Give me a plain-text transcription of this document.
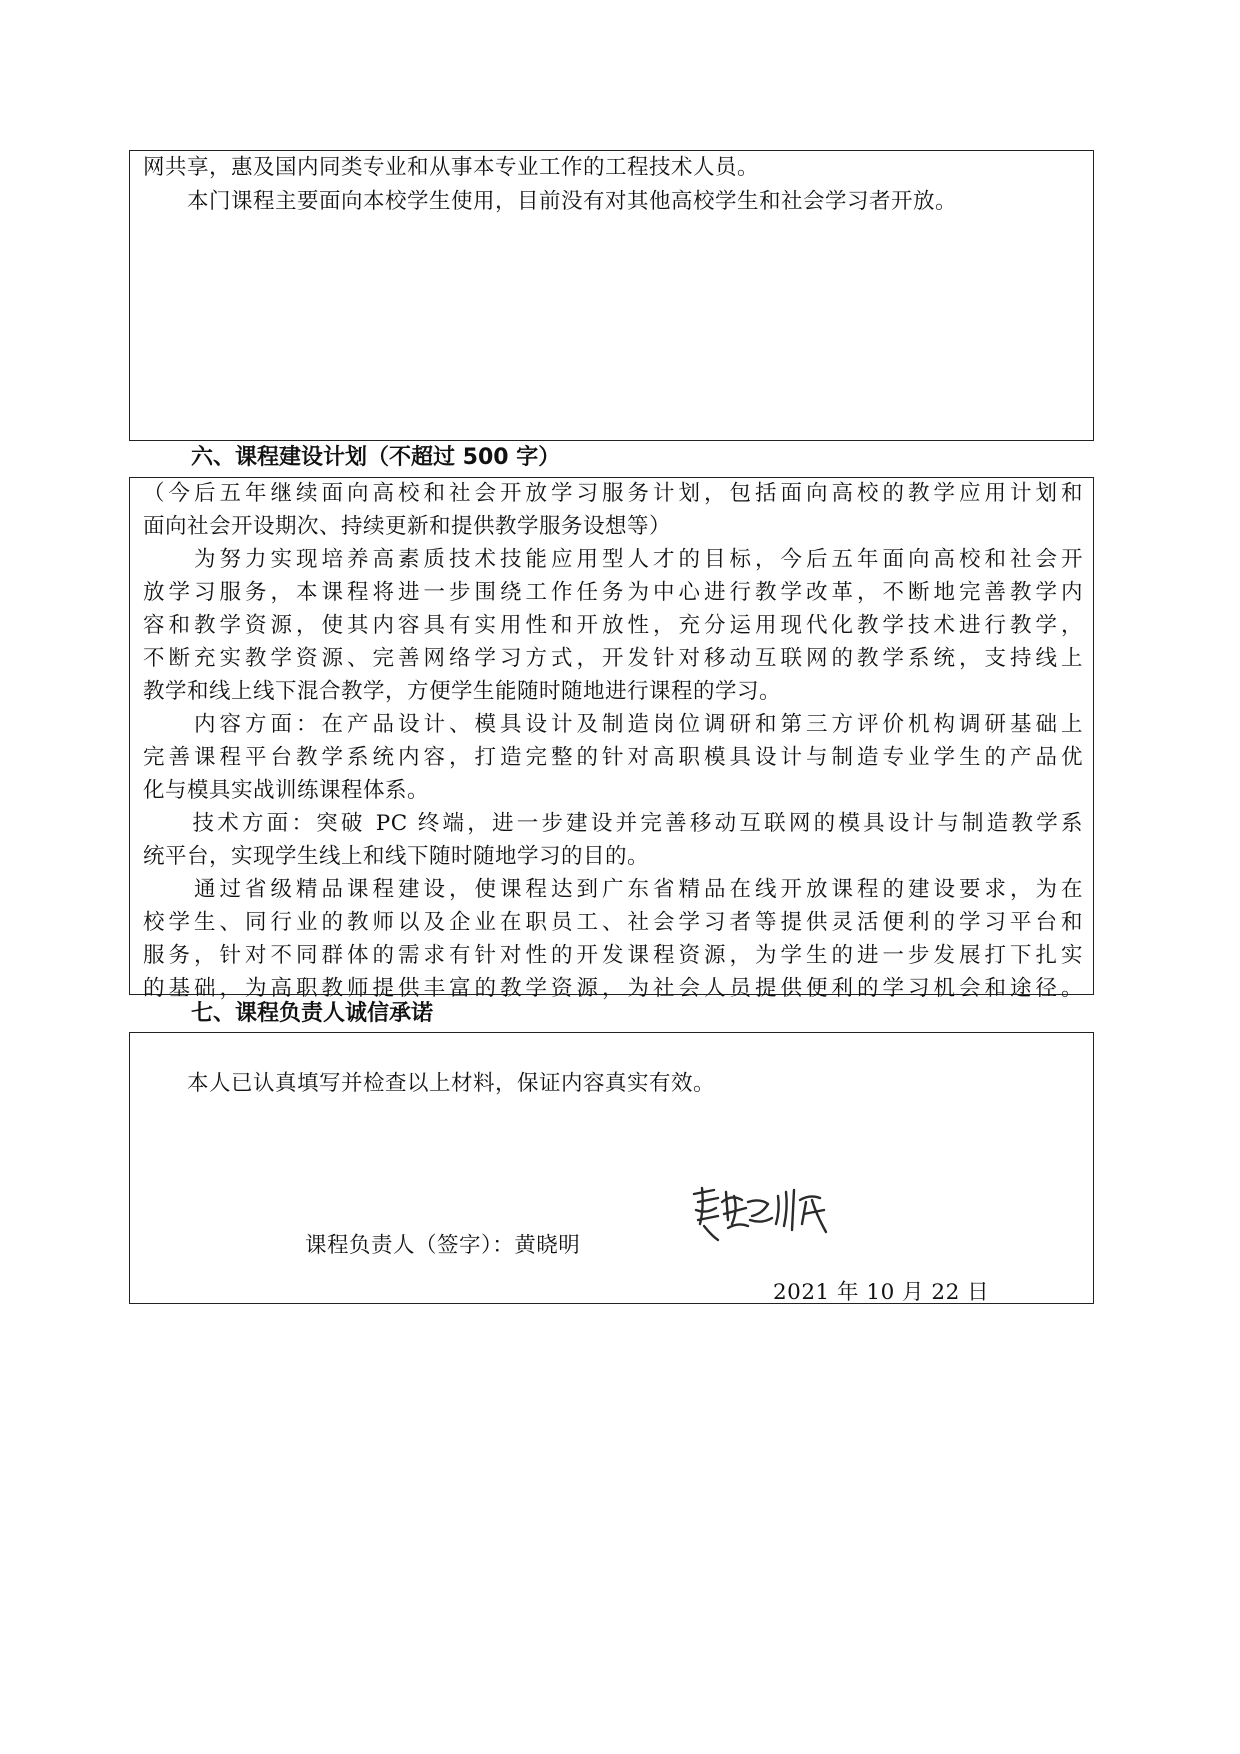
网共享，惠及国内同类专业和从事本专业工作的工程技术人员。
　　本门课程主要面向本校学生使用，目前没有对其他高校学生和社会学习者开放。
六、课程建设计划（不超过 500 字）
（今后五年继续面向高校和社会开放学习服务计划，包括面向高校的教学应用计划和
面向社会开设期次、持续更新和提供教学服务设想等）
　　为努力实现培养高素质技术技能应用型人才的目标，今后五年面向高校和社会开
放学习服务，本课程将进一步围绕工作任务为中心进行教学改革，不断地完善教学内
容和教学资源，使其内容具有实用性和开放性，充分运用现代化教学技术进行教学，
不断充实教学资源、完善网络学习方式，开发针对移动互联网的教学系统，支持线上
教学和线上线下混合教学，方便学生能随时随地进行课程的学习。
　　内容方面：在产品设计、模具设计及制造岗位调研和第三方评价机构调研基础上
完善课程平台教学系统内容，打造完整的针对高职模具设计与制造专业学生的产品优
化与模具实战训练课程体系。
　　技术方面：突破 PC 终端，进一步建设并完善移动互联网的模具设计与制造教学系
统平台，实现学生线上和线下随时随地学习的目的。
　　通过省级精品课程建设，使课程达到广东省精品在线开放课程的建设要求，为在
校学生、同行业的教师以及企业在职员工、社会学习者等提供灵活便利的学习平台和
服务，针对不同群体的需求有针对性的开发课程资源，为学生的进一步发展打下扎实
的基础，为高职教师提供丰富的教学资源，为社会人员提供便利的学习机会和途径。
七、课程负责人诚信承诺
　　本人已认真填写并检查以上材料，保证内容真实有效。
课程负责人（签字）：黄晓明
2021 年 10 月 22 日
